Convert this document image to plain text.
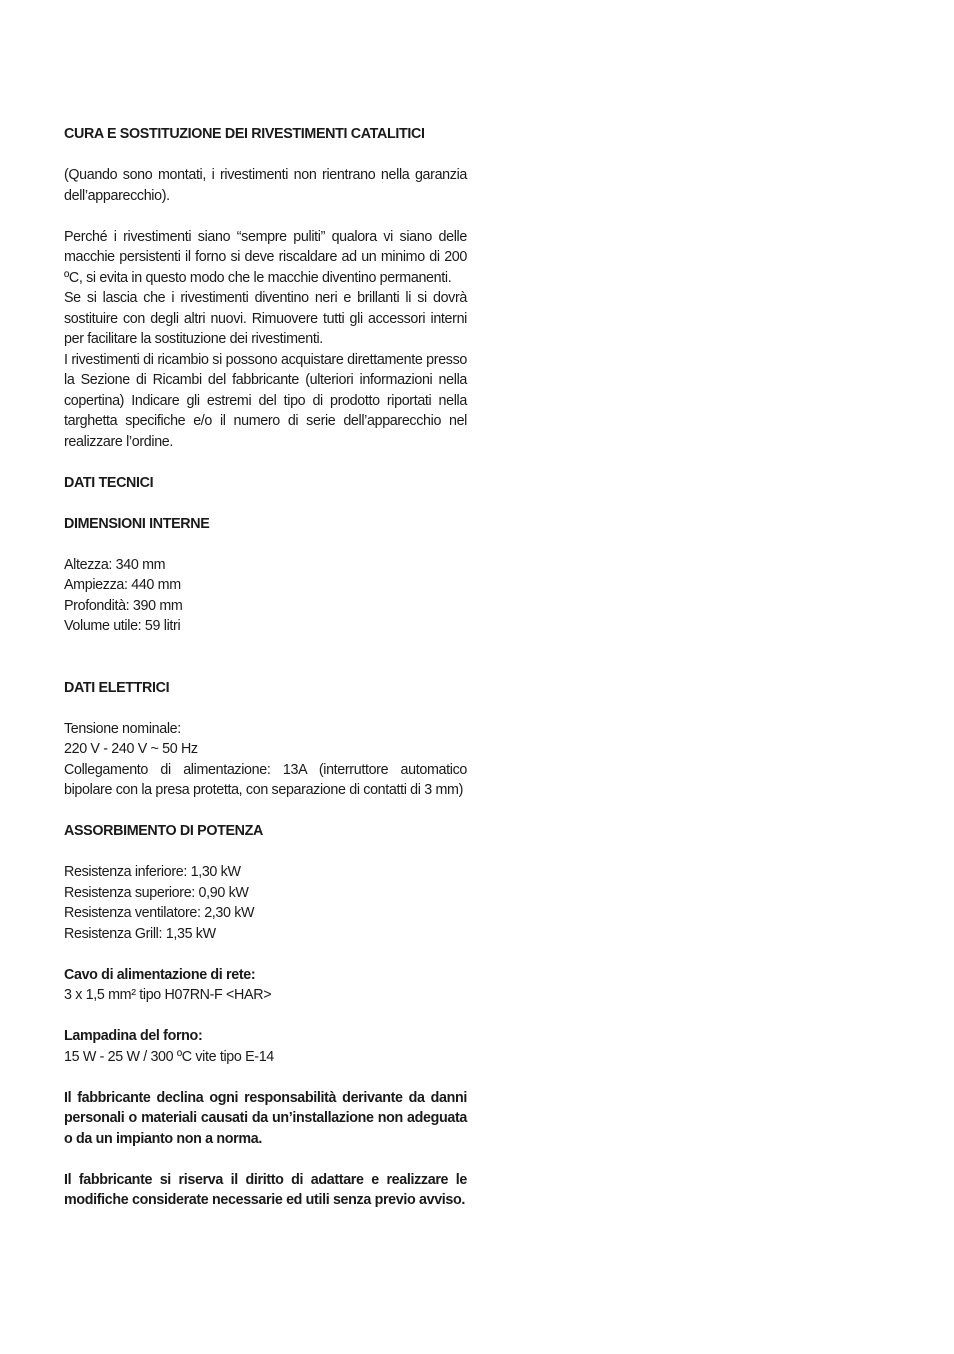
CURA E SOSTITUZIONE DEI RIVESTIMENTI CATALITICI

(Quando sono montati, i rivestimenti non rientrano nella garanzia dell’apparecchio).

Perché i rivestimenti siano “sempre puliti” qualora vi siano delle macchie persistenti il forno si deve riscaldare ad un minimo di 200 ºC, si evita in questo modo che le macchie diventino permanenti.

Se si lascia che i rivestimenti diventino neri e brillanti li si dovrà sostituire con degli altri nuovi. Rimuovere tutti gli accessori interni per facilitare la sostituzione dei rivestimenti.

I rivestimenti di ricambio si possono acquistare direttamente presso la Sezione di Ricambi del fabbricante (ulteriori informazioni nella copertina) Indicare gli estremi del tipo di prodotto riportati nella targhetta specifiche e/o il numero di serie dell’apparecchio nel realizzare l’ordine.

DATI TECNICI
DIMENSIONI INTERNE

Altezza: 340 mm

Ampiezza: 440 mm

Profondità: 390 mm

Volume utile: 59 litri

DATI ELETTRICI

Tensione nominale:

220 V - 240 V ~ 50 Hz

Collegamento di alimentazione: 13A (interruttore automatico bipolare con la presa protetta, con separazione di contatti di 3 mm)

ASSORBIMENTO DI POTENZA

Resistenza inferiore: 1,30 kW

Resistenza superiore: 0,90 kW

Resistenza ventilatore: 2,30 kW

Resistenza Grill: 1,35 kW

Cavo di alimentazione di rete:

3 x 1,5 mm² tipo H07RN-F <HAR>

Lampadina del forno:

15 W - 25 W / 300 ºC vite tipo E-14

Il fabbricante declina ogni responsabilità derivante da danni personali o materiali causati da un’installazione non adeguata o da un impianto non a norma.

Il fabbricante si riserva il diritto di adattare e realizzare le modifiche considerate necessarie ed utili senza previo avviso.
